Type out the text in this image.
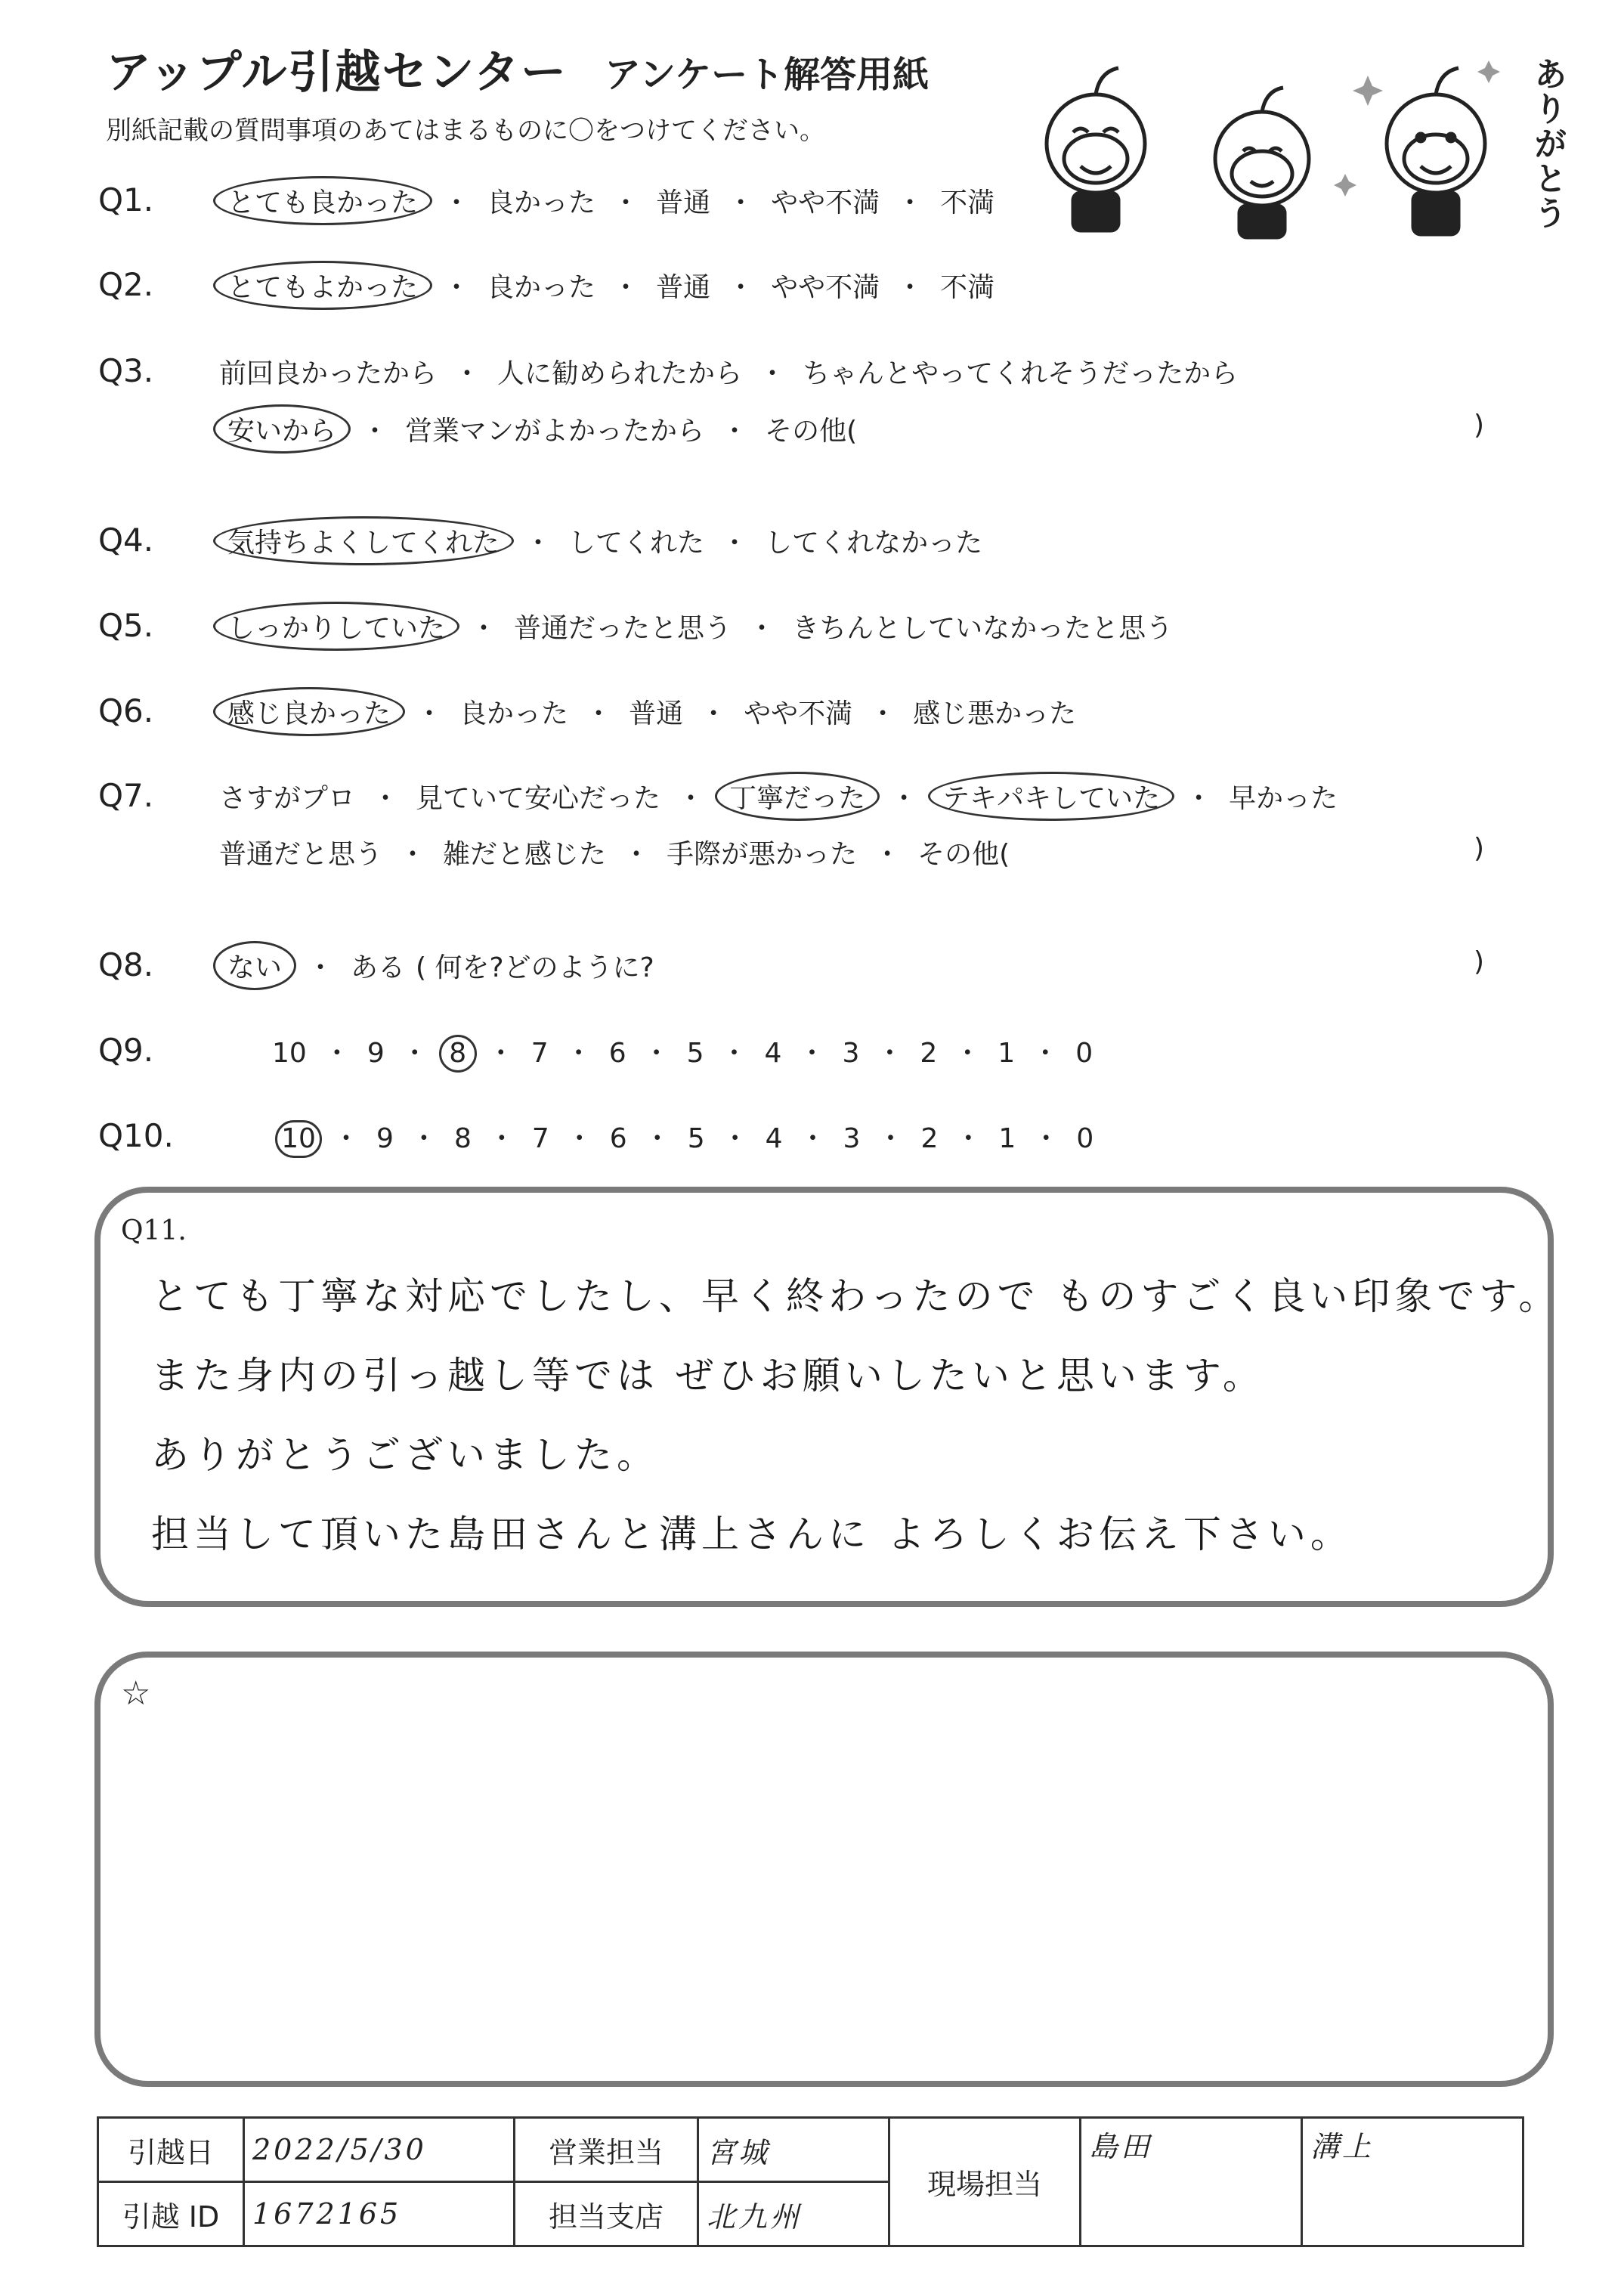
アップル引越センター アンケート解答用紙
別紙記載の質問事項のあてはまるものに〇をつけてください。	ありがとう
Q1.	とても良かった ・ 良かった ・ 普通 ・ やや不満 ・ 不満
Q2.	とてもよかった ・ 良かった ・ 普通 ・ やや不満 ・ 不満
Q3. 前回良かったから ・ 人に勧められたから ・ ちゃんとやってくれそうだったから
安いから ・ 営業マンがよかったから ・ その他(	)
Q4.	気持ちよくしてくれた ・ してくれた ・ してくれなかった
Q5.	しっかりしていた ・ 普通だったと思う ・ きちんとしていなかったと思う
Q6.	感じ良かった ・ 良かった ・ 普通 ・ やや不満 ・ 感じ悪かった
Q7. さすがプロ ・ 見ていて安心だった ・ 丁寧だった ・ テキパキしていた ・ 早かった
普通だと思う ・ 雑だと感じた ・ 手際が悪かった ・ その他(	)
Q8.	ない ・ ある ( 何を?どのように?	)
Q9.	10 ・ 9 ・ 8 ・ 7 ・ 6 ・ 5 ・ 4 ・ 3 ・ 2 ・ 1 ・ 0
Q10.	10 ・ 9 ・ 8 ・ 7 ・ 6 ・ 5 ・ 4 ・ 3 ・ 2 ・ 1 ・ 0
Q11.
とても丁寧な対応でしたし、早く終わったので ものすごく良い印象です。
また身内の引っ越し等では ぜひお願いしたいと思います。
ありがとうございました。
担当して頂いた島田さんと溝上さんに よろしくお伝え下さい。
☆
引越日	2022/5/30	営業担当	宮城	現場担当	島田	溝上
引越 ID	1672165	担当支店	北九州			
